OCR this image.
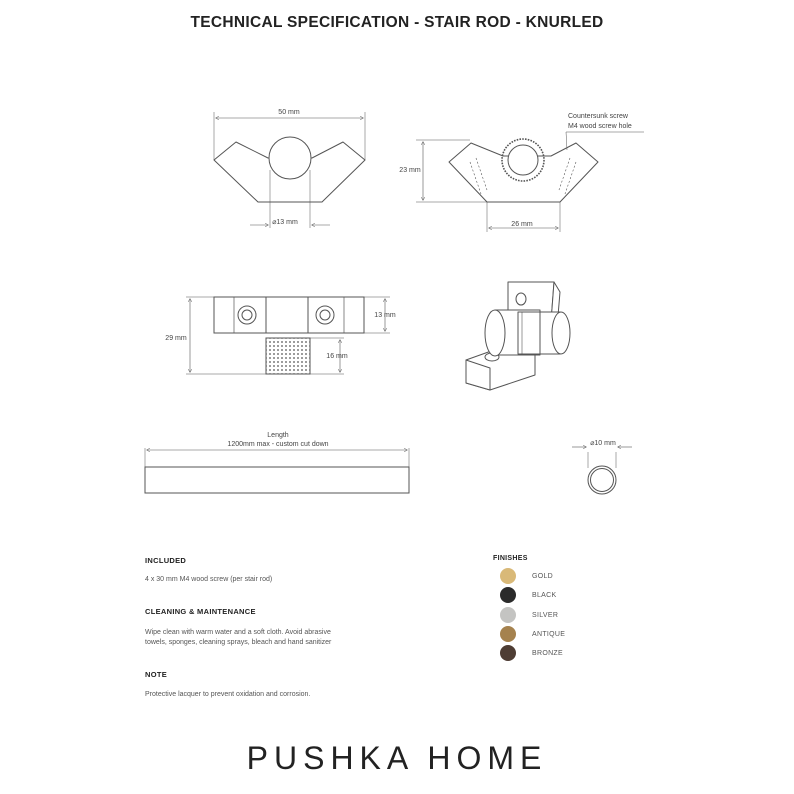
TECHNICAL SPECIFICATION - STAIR ROD - KNURLED
50 mm
⌀13 mm
23 mm
26 mm
Countersunk screw
M4 wood screw hole
29 mm
13 mm
16 mm
Length
1200mm max - custom cut down	⌀10 mm
INCLUDED
4 x 30 mm M4 wood screw (per stair rod)
CLEANING & MAINTENANCE
Wipe clean with warm water and a soft cloth. Avoid abrasive
towels, sponges, cleaning sprays, bleach and hand sanitizer
NOTE
Protective lacquer to prevent oxidation and corrosion.
FINISHES
GOLD
BLACK
SILVER
ANTIQUE
BRONZE
PUSHKA HOME
